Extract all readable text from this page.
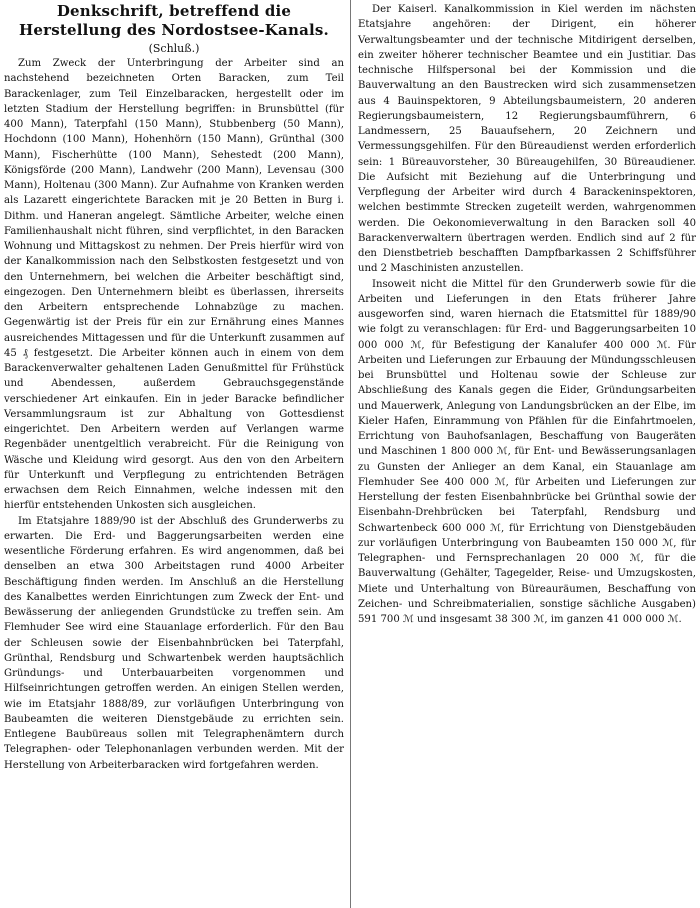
Denkschrift, betreffend die Herstellung des Nordostsee-Kanals.
(Schluß.)

Zum Zweck der Unterbringung der Arbeiter sind an nachstehend bezeichneten Orten Baracken, zum Teil Barackenlager, zum Teil Einzelbaracken, hergestellt oder im letzten Stadium der Herstellung begriffen: in Brunsbüttel (für 400 Mann), Taterpfahl (150 Mann), Stubbenberg (50 Mann), Hochdonn (100 Mann), Hohenhörn (150 Mann), Grünthal (300 Mann), Fischerhütte (100 Mann), Sehestedt (200 Mann), Königsförde (200 Mann), Landwehr (200 Mann), Levensau (300 Mann), Holtenau (300 Mann). Zur Aufnahme von Kranken werden als Lazarett eingerichtete Baracken mit je 20 Betten in Burg i. Dithm. und Haneran angelegt. Sämtliche Arbeiter, welche einen Familienhaushalt nicht führen, sind verpflichtet, in den Baracken Wohnung und Mittagskost zu nehmen. Der Preis hierfür wird von der Kanalkommission nach den Selbstkosten festgesetzt und von den Unternehmern, bei welchen die Arbeiter beschäftigt sind, eingezogen. Den Unternehmern bleibt es überlassen, ihrerseits den Arbeitern entsprechende Lohnabzüge zu machen. Gegenwärtig ist der Preis für ein zur Ernährung eines Mannes ausreichendes Mittagessen und für die Unterkunft zusammen auf 45 ₰ festgesetzt. Die Arbeiter können auch in einem von dem Barackenverwalter gehaltenen Laden Genußmittel für Frühstück und Abendessen, außerdem Gebrauchsgegenstände verschiedener Art einkaufen. Ein in jeder Baracke befindlicher Versammlungsraum ist zur Abhaltung von Gottesdienst eingerichtet. Den Arbeitern werden auf Verlangen warme Regenbäder unentgeltlich verabreicht. Für die Reinigung von Wäsche und Kleidung wird gesorgt. Aus den von den Arbeitern für Unterkunft und Verpflegung zu entrichtenden Beträgen erwachsen dem Reich Einnahmen, welche indessen mit den hierfür entstehenden Unkosten sich ausgleichen.

Im Etatsjahre 1889/90 ist der Abschluß des Grunderwerbs zu erwarten. Die Erd- und Baggerungsarbeiten werden eine wesentliche Förderung erfahren. Es wird angenommen, daß bei denselben an etwa 300 Arbeitstagen rund 4000 Arbeiter Beschäftigung finden werden. Im Anschluß an die Herstellung des Kanalbettes werden Einrichtungen zum Zweck der Ent- und Bewässerung der anliegenden Grundstücke zu treffen sein. Am Flemhuder See wird eine Stauanlage erforderlich. Für den Bau der Schleusen sowie der Eisenbahnbrücken bei Taterpfahl, Grünthal, Rendsburg und Schwartenbek werden hauptsächlich Gründungs- und Unterbauarbeiten vorgenommen und Hilfseinrichtungen getroffen werden. An einigen Stellen werden, wie im Etatsjahr 1888/89, zur vorläufigen Unterbringung von Baubeamten die weiteren Dienstgebäude zu errichten sein. Entlegene Baubüreaus sollen mit Telegraphenämtern durch Telegraphen- oder Telephonanlagen verbunden werden. Mit der Herstellung von Arbeiterbaracken wird fortgefahren werden.

Der Kaiserl. Kanalkommission in Kiel werden im nächsten Etatsjahre angehören: der Dirigent, ein höherer Verwaltungsbeamter und der technische Mitdirigent derselben, ein zweiter höherer technischer Beamtee und ein Justitiar. Das technische Hilfspersonal bei der Kommission und die Bauverwaltung an den Baustrecken wird sich zusammensetzen aus 4 Bauinspektoren, 9 Abteilungsbaumeistern, 20 anderen Regierungsbaumeistern, 12 Regierungsbaumführern, 6 Landmessern, 25 Bauaufsehern, 20 Zeichnern und Vermessungsgehilfen. Für den Büreaudienst werden erforderlich sein: 1 Büreauvorsteher, 30 Büreaugehilfen, 30 Büreaudiener. Die Aufsicht mit Beziehung auf die Unterbringung und Verpflegung der Arbeiter wird durch 4 Barackeninspektoren, welchen bestimmte Strecken zugeteilt werden, wahrgenommen werden. Die Oekonomieverwaltung in den Baracken soll 40 Barackenverwaltern übertragen werden. Endlich sind auf 2 für den Dienstbetrieb beschafften Dampfbarkassen 2 Schiffsführer und 2 Maschinisten anzustellen.

Insoweit nicht die Mittel für den Grunderwerb sowie für die Arbeiten und Lieferungen in den Etats früherer Jahre ausgeworfen sind, waren hiernach die Etatsmittel für 1889/90 wie folgt zu veranschlagen: für Erd- und Baggerungsarbeiten 10 000 000 ℳ, für Befestigung der Kanalufer 400 000 ℳ. Für Arbeiten und Lieferungen zur Erbauung der Mündungsschleusen bei Brunsbüttel und Holtenau sowie der Schleuse zur Abschließung des Kanals gegen die Eider, Gründungsarbeiten und Mauerwerk, Anlegung von Landungsbrücken an der Elbe, im Kieler Hafen, Einrammung von Pfählen für die Einfahrtmoelen, Errichtung von Bauhofsanlagen, Beschaffung von Baugeräten und Maschinen 1 800 000 ℳ, für Ent- und Bewässerungsanlagen zu Gunsten der Anlieger an dem Kanal, ein Stauanlage am Flemhuder See 400 000 ℳ, für Arbeiten und Lieferungen zur Herstellung der festen Eisenbahnbrücke bei Grünthal sowie der Eisenbahn-Drehbrücken bei Taterpfahl, Rendsburg und Schwartenbeck 600 000 ℳ, für Errichtung von Dienstgebäuden zur vorläufigen Unterbringung von Baubeamten 150 000 ℳ, für Telegraphen- und Fernsprechanlagen 20 000 ℳ, für die Bauverwaltung (Gehälter, Tagegelder, Reise- und Umzugskosten, Miete und Unterhaltung von Büreauräumen, Beschaffung von Zeichen- und Schreibmaterialien, sonstige sächliche Ausgaben) 591 700 ℳ und insgesamt 38 300 ℳ, im ganzen 41 000 000 ℳ.
